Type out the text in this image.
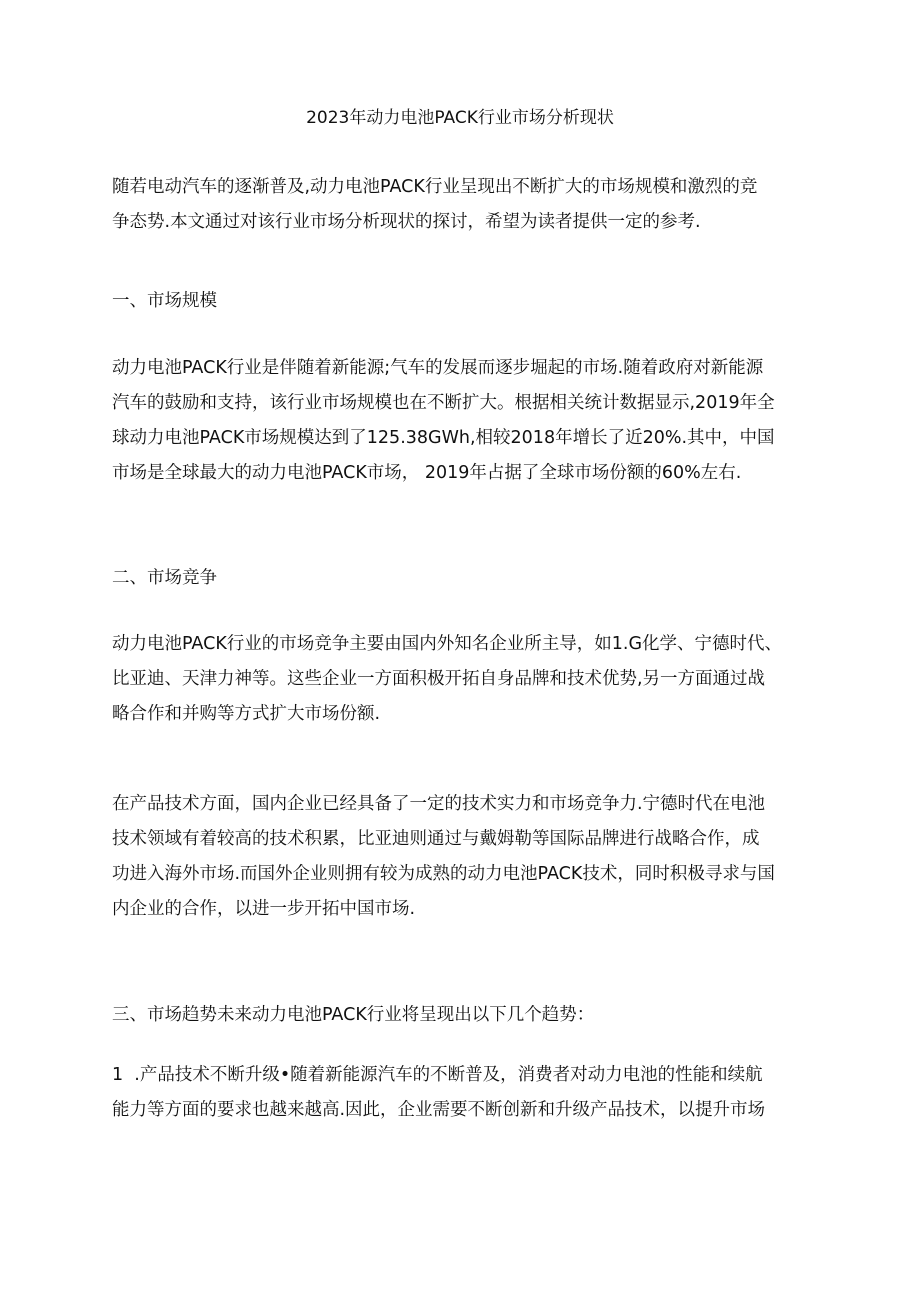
2023年动力电池PACK行业市场分析现状

随若电动汽车的逐渐普及,动力电池PACK行业呈现出不断扩大的市场规模和激烈的竞
争态势.本文通过对该行业市场分析现状的探讨，希望为读者提供一定的参考.

一、市场规模

动力电池PACK行业是伴随着新能源;气车的发展而逐步堀起的市场.随着政府对新能源
汽车的鼓励和支持，该行业市场规模也在不断扩大。根据相关统计数据显示,2019年全
球动力电池PACK市场规模达到了125.38GWh,相较2018年增长了近20%.其中，中国
市场是全球最大的动力电池PACK市场， 2019年占据了全球市场份额的60%左右.

二、市场竞争

动力电池PACK行业的市场竞争主要由国内外知名企业所主导，如1.G化学、宁德时代、
比亚迪、天津力神等。这些企业一方面积极开拓自身品牌和技术优势,另一方面通过战
略合作和并购等方式扩大市场份额.

在产品技术方面，国内企业已经具备了一定的技术实力和市场竞争力.宁德时代在电池
技术领域有着较高的技术积累，比亚迪则通过与戴姆勒等国际品牌进行战略合作，成
功进入海外市场.而国外企业则拥有较为成熟的动力电池PACK技术，同时积极寻求与国
内企业的合作，以进一步开拓中国市场.

三、市场趋势未来动力电池PACK行业将呈现出以下几个趋势：

1  .产品技术不断升级•随着新能源汽车的不断普及，消费者对动力电池的性能和续航
能力等方面的要求也越来越高.因此，企业需要不断创新和升级产品技术，以提升市场
